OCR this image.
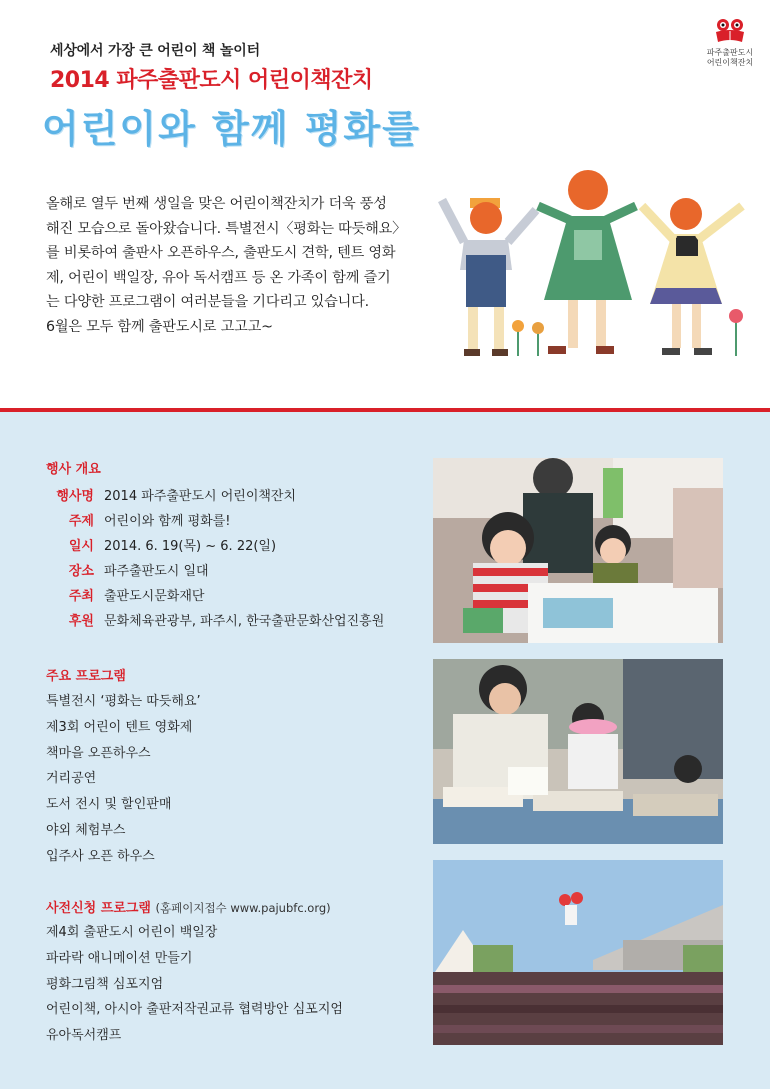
세상에서 가장 큰 어린이 책 놀이터
2014 파주출판도시 어린이책잔치
어린이와 함께 평화를
파주출판도시
어린이책잔치

올해로 열두 번째 생일을 맞은 어린이책잔치가 더욱 풍성

해진 모습으로 돌아왔습니다. 특별전시〈평화는 따듯해요〉

를 비롯하여 출판사 오픈하우스, 출판도시 견학, 텐트 영화

제, 어린이 백일장, 유아 독서캠프 등 온 가족이 함께 즐기

는 다양한 프로그램이 여러분들을 기다리고 있습니다.

6월은 모두 함께 출판도시로 고고고~

행사 개요
행사명 2014 파주출판도시 어린이책잔치
주제 어린이와 함께 평화를!
일시 2014. 6. 19(목) ~ 6. 22(일)
장소 파주출판도시 일대
주최 출판도시문화재단
후원 문화체육관광부, 파주시, 한국출판문화산업진흥원
주요 프로그램
특별전시 ‘평화는 따듯해요’
제3회 어린이 텐트 영화제
책마을 오픈하우스
거리공연
도서 전시 및 할인판매
야외 체험부스
입주사 오픈 하우스
사전신청 프로그램 (홈페이지접수 www.pajubfc.org)
제4회 출판도시 어린이 백일장
파라락 애니메이션 만들기
평화그림책 심포지엄
어린이책, 아시아 출판저작권교류 협력방안 심포지엄
유아독서캠프
